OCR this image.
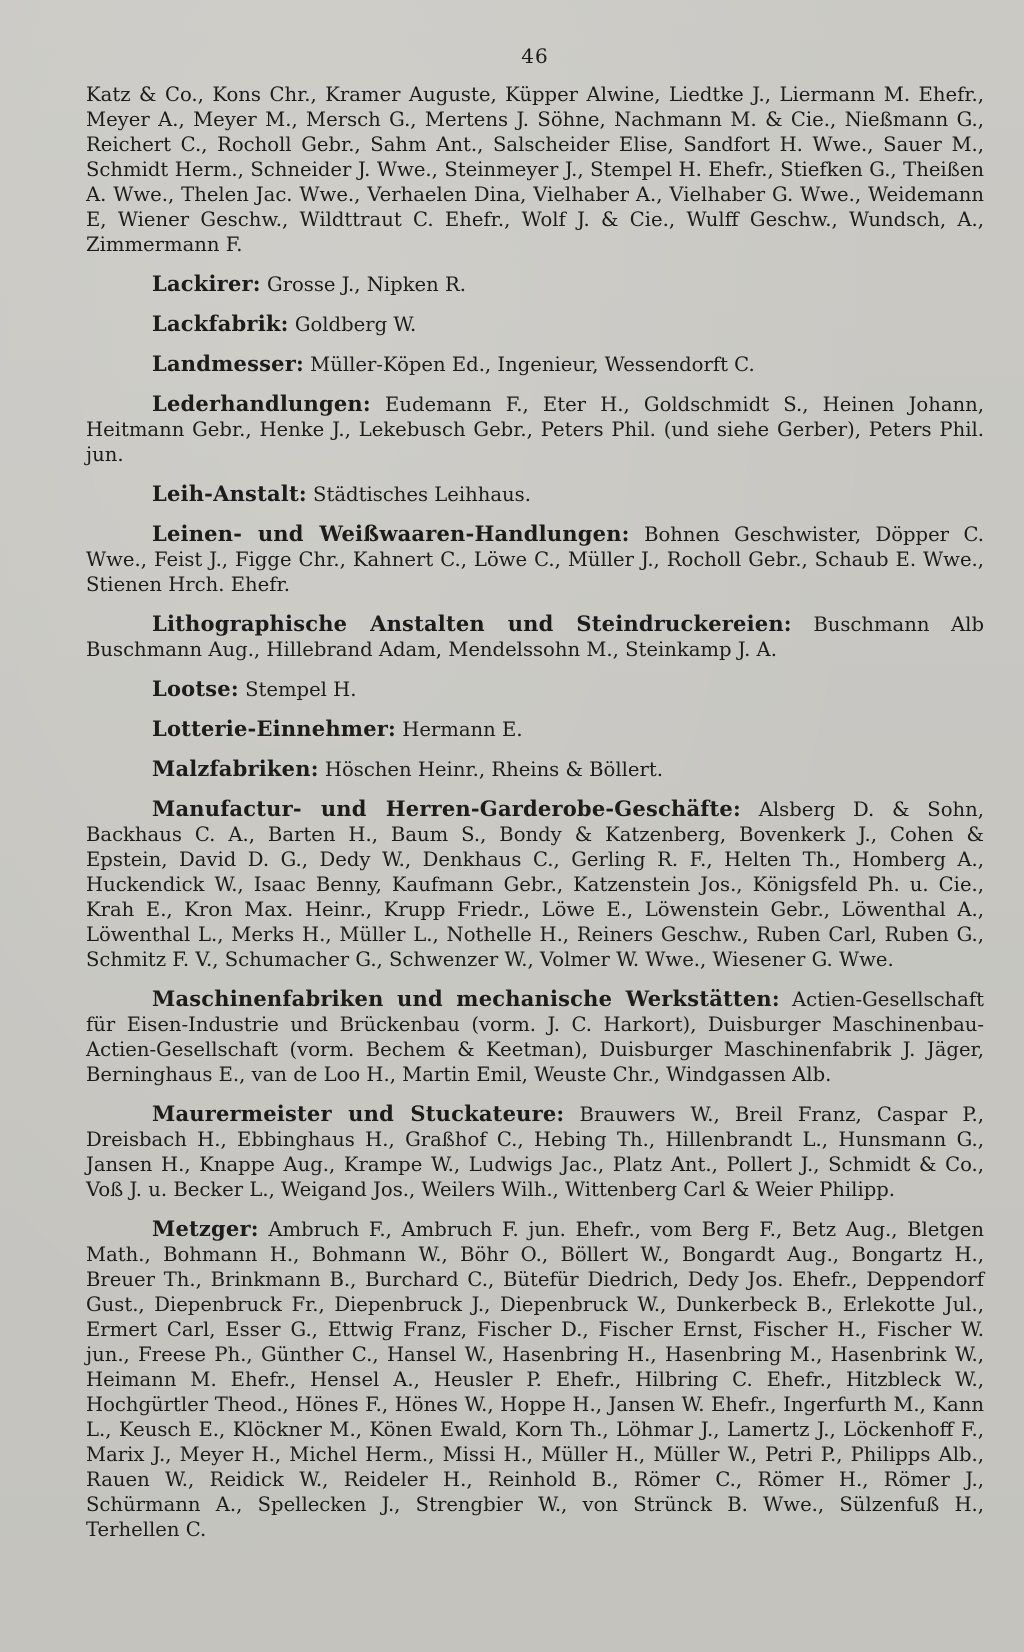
46

Katz & Co., Kons Chr., Kramer Auguste, Küpper Alwine, Liedtke J., Liermann M. Ehefr., Meyer A., Meyer M., Mersch G., Mertens J. Söhne, Nachmann M. & Cie., Nießmann G., Reichert C., Rocholl Gebr., Sahm Ant., Salscheider Elise, Sandfort H. Wwe., Sauer M., Schmidt Herm., Schneider J. Wwe., Steinmeyer J., Stempel H. Ehefr., Stiefken G., Theißen A. Wwe., Thelen Jac. Wwe., Verhaelen Dina, Vielhaber A., Vielhaber G. Wwe., Weidemann E, Wiener Geschw., Wildttraut C. Ehefr., Wolf J. & Cie., Wulff Geschw., Wundsch, A., Zimmermann F.

Lackirer: Grosse J., Nipken R.

Lackfabrik: Goldberg W.

Landmesser: Müller-Köpen Ed., Ingenieur, Wessendorft C.

Lederhandlungen: Eudemann F., Eter H., Goldschmidt S., Heinen Johann, Heitmann Gebr., Henke J., Lekebusch Gebr., Peters Phil. (und siehe Gerber), Peters Phil. jun.

Leih-Anstalt: Städtisches Leihhaus.

Leinen- und Weißwaaren-Handlungen: Bohnen Geschwister, Döpper C. Wwe., Feist J., Figge Chr., Kahnert C., Löwe C., Müller J., Rocholl Gebr., Schaub E. Wwe., Stienen Hrch. Ehefr.

Lithographische Anstalten und Steindruckereien: Buschmann Alb Buschmann Aug., Hillebrand Adam, Mendelssohn M., Steinkamp J. A.

Lootse: Stempel H.

Lotterie-Einnehmer: Hermann E.

Malzfabriken: Höschen Heinr., Rheins & Böllert.

Manufactur- und Herren-Garderobe-Geschäfte: Alsberg D. & Sohn, Backhaus C. A., Barten H., Baum S., Bondy & Katzenberg, Bovenkerk J., Cohen & Epstein, David D. G., Dedy W., Denkhaus C., Gerling R. F., Helten Th., Homberg A., Huckendick W., Isaac Benny, Kaufmann Gebr., Katzenstein Jos., Königsfeld Ph. u. Cie., Krah E., Kron Max. Heinr., Krupp Friedr., Löwe E., Löwenstein Gebr., Löwenthal A., Löwenthal L., Merks H., Müller L., Nothelle H., Reiners Geschw., Ruben Carl, Ruben G., Schmitz F. V., Schumacher G., Schwenzer W., Volmer W. Wwe., Wiesener G. Wwe.

Maschinenfabriken und mechanische Werkstätten: Actien-Gesellschaft für Eisen-Industrie und Brückenbau (vorm. J. C. Harkort), Duisburger Maschinenbau-Actien-Gesellschaft (vorm. Bechem & Keetman), Duisburger Maschinenfabrik J. Jäger, Berninghaus E., van de Loo H., Martin Emil, Weuste Chr., Windgassen Alb.

Maurermeister und Stuckateure: Brauwers W., Breil Franz, Caspar P., Dreisbach H., Ebbinghaus H., Graßhof C., Hebing Th., Hillenbrandt L., Hunsmann G., Jansen H., Knappe Aug., Krampe W., Ludwigs Jac., Platz Ant., Pollert J., Schmidt & Co., Voß J. u. Becker L., Weigand Jos., Weilers Wilh., Wittenberg Carl & Weier Philipp.

Metzger: Ambruch F., Ambruch F. jun. Ehefr., vom Berg F., Betz Aug., Bletgen Math., Bohmann H., Bohmann W., Böhr O., Böllert W., Bongardt Aug., Bongartz H., Breuer Th., Brinkmann B., Burchard C., Bütefür Diedrich, Dedy Jos. Ehefr., Deppendorf Gust., Diepenbruck Fr., Diepenbruck J., Diepenbruck W., Dunkerbeck B., Erlekotte Jul., Ermert Carl, Esser G., Ettwig Franz, Fischer D., Fischer Ernst, Fischer H., Fischer W. jun., Freese Ph., Günther C., Hansel W., Hasenbring H., Hasenbring M., Hasenbrink W., Heimann M. Ehefr., Hensel A., Heusler P. Ehefr., Hilbring C. Ehefr., Hitzbleck W., Hochgürtler Theod., Hönes F., Hönes W., Hoppe H., Jansen W. Ehefr., Ingerfurth M., Kann L., Keusch E., Klöckner M., Könen Ewald, Korn Th., Löhmar J., Lamertz J., Löckenhoff F., Marix J., Meyer H., Michel Herm., Missi H., Müller H., Müller W., Petri P., Philipps Alb., Rauen W., Reidick W., Reideler H., Reinhold B., Römer C., Römer H., Römer J., Schürmann A., Spellecken J., Strengbier W., von Strünck B. Wwe., Sülzenfuß H., Terhellen C.
